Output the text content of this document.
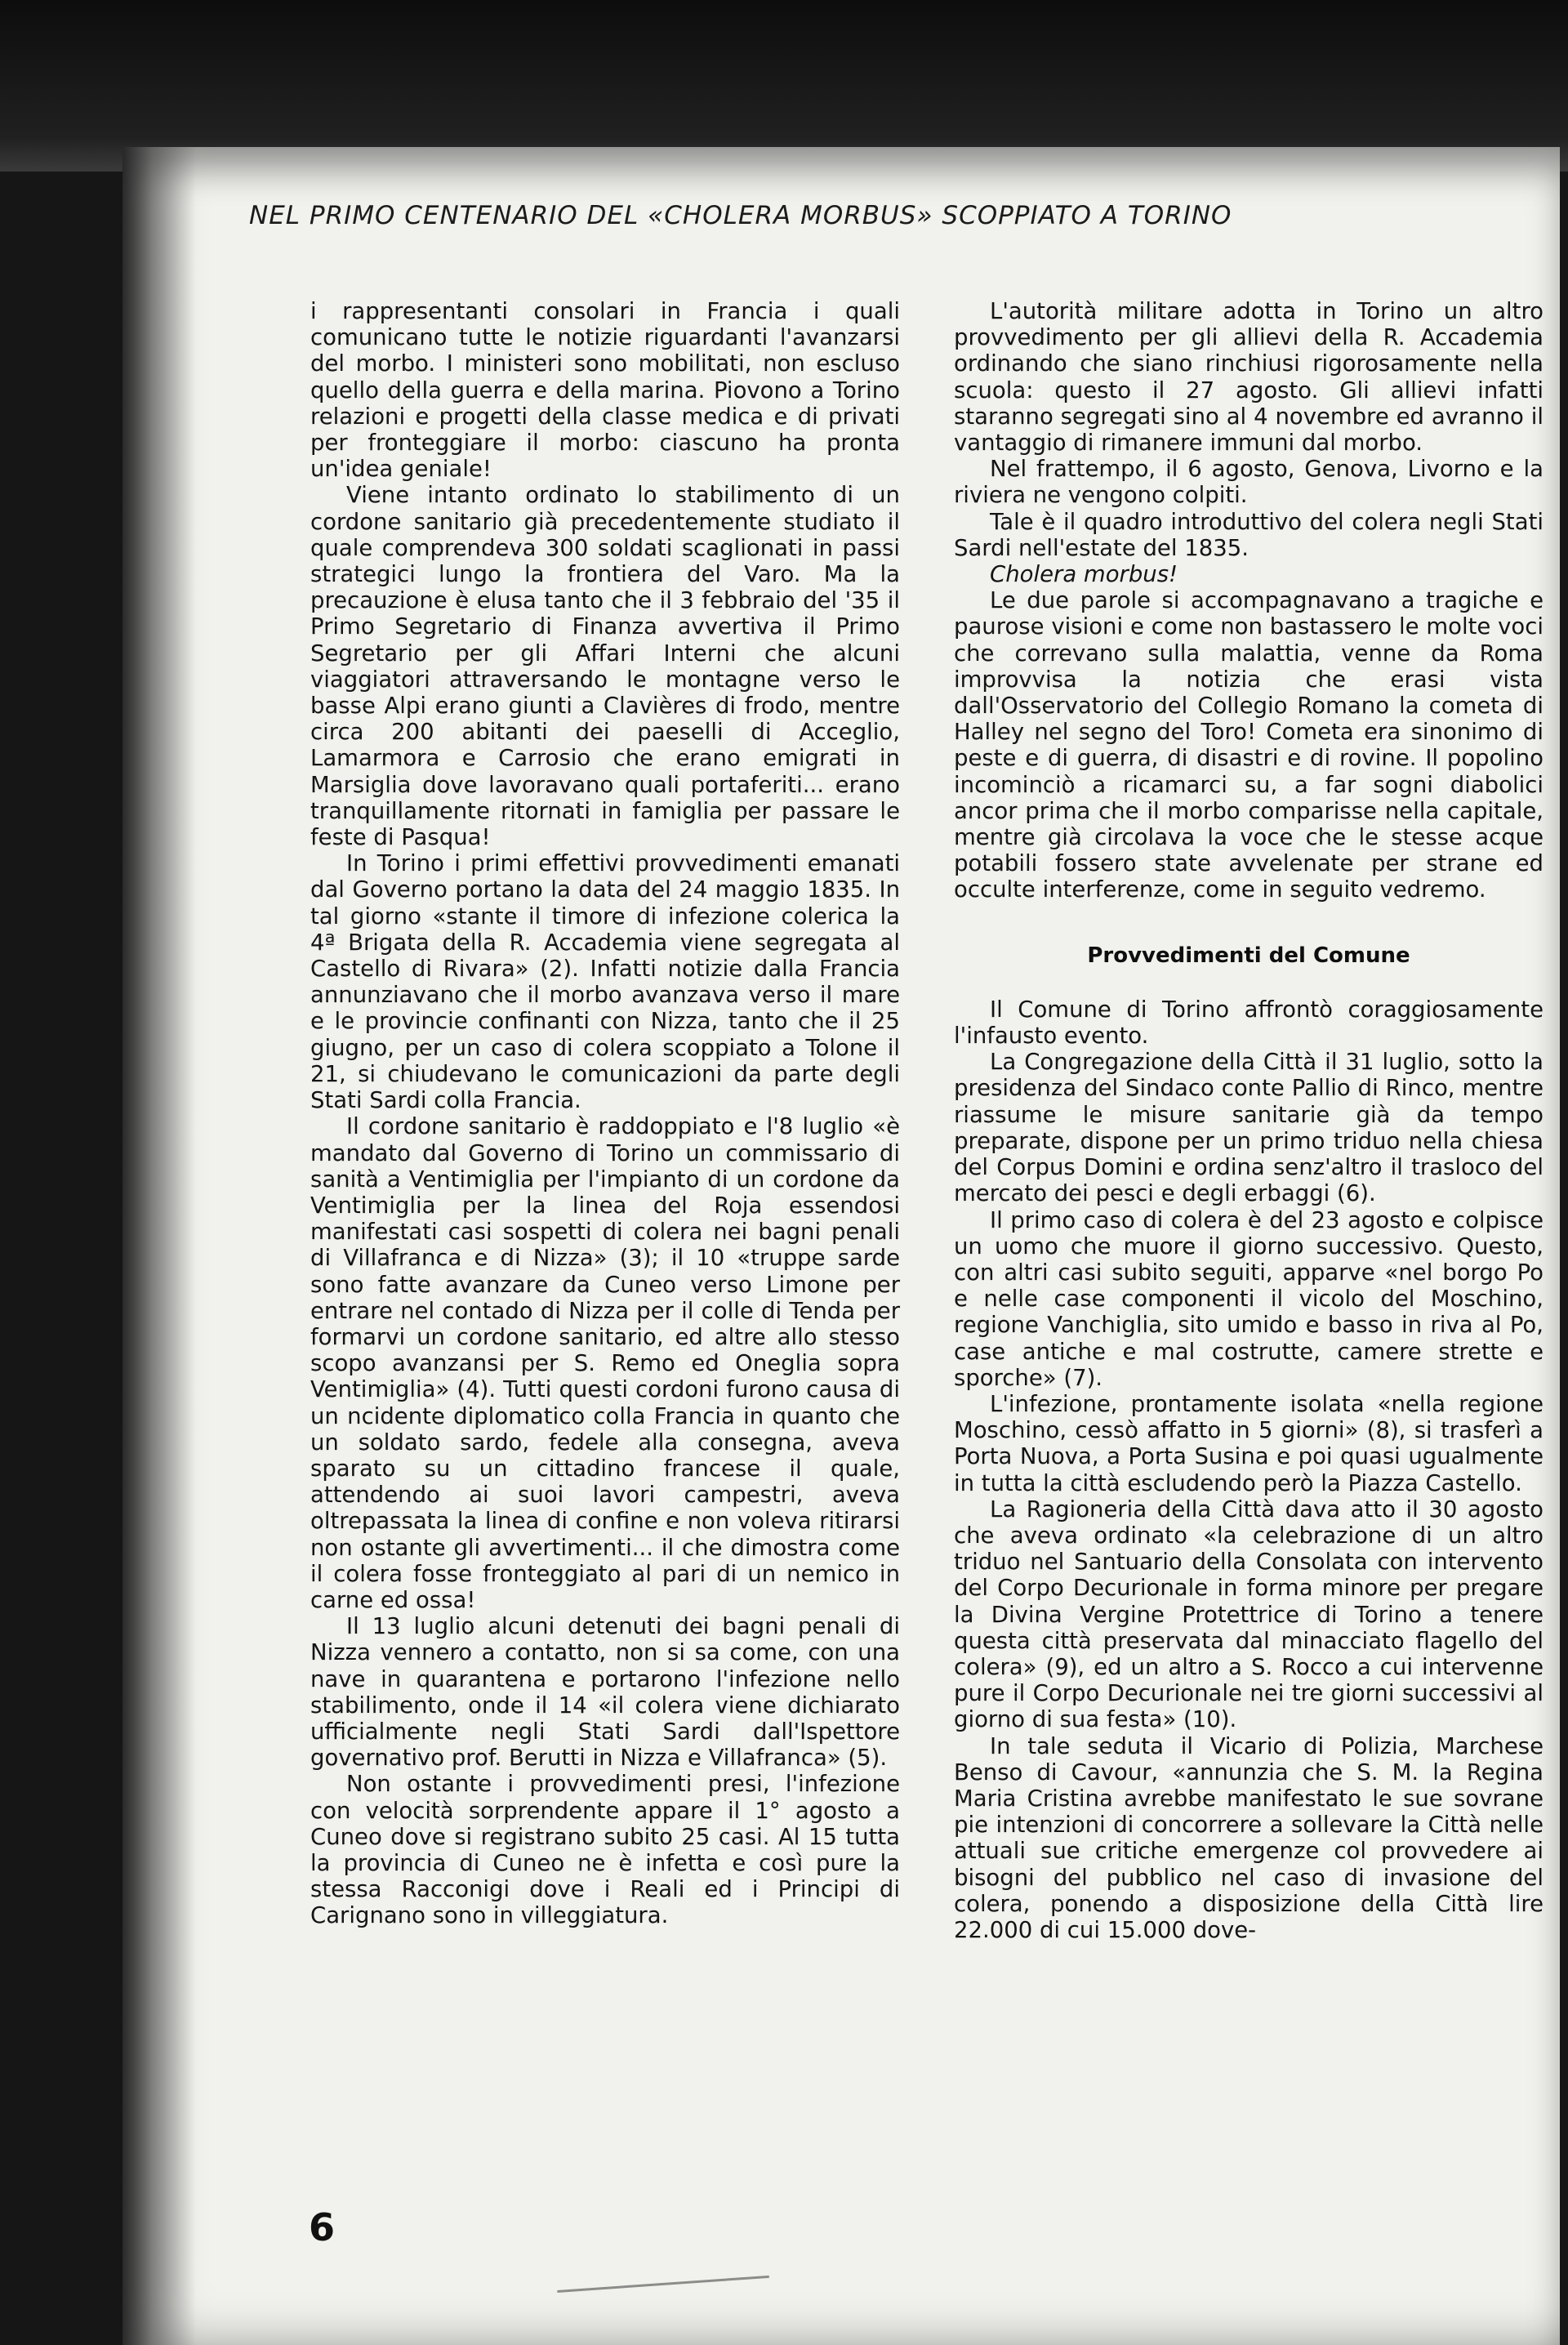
NEL PRIMO CENTENARIO DEL «CHOLERA MORBUS» SCOPPIATO A TORINO

i rappresentanti consolari in Francia i quali comunicano tutte le notizie riguardanti l'avanzarsi del morbo. I ministeri sono mobilitati, non escluso quello della guerra e della marina. Piovono a Torino relazioni e progetti della classe medica e di privati per fronteggiare il morbo: ciascuno ha pronta un'idea geniale!

Viene intanto ordinato lo stabilimento di un cordone sanitario già precedentemente studiato il quale comprendeva 300 soldati scaglionati in passi strategici lungo la frontiera del Varo. Ma la precauzione è elusa tanto che il 3 febbraio del '35 il Primo Segretario di Finanza avvertiva il Primo Segretario per gli Affari Interni che alcuni viaggiatori attraversando le montagne verso le basse Alpi erano giunti a Clavières di frodo, mentre circa 200 abitanti dei paeselli di Acceglio, Lamarmora e Carrosio che erano emigrati in Marsiglia dove lavoravano quali portaferiti... erano tranquillamente ritornati in famiglia per passare le feste di Pasqua!

In Torino i primi effettivi provvedimenti emanati dal Governo portano la data del 24 maggio 1835. In tal giorno «stante il timore di infezione colerica la 4ª Brigata della R. Accademia viene segregata al Castello di Rivara» (2). Infatti notizie dalla Francia annunziavano che il morbo avanzava verso il mare e le provincie confinanti con Nizza, tanto che il 25 giugno, per un caso di colera scoppiato a Tolone il 21, si chiudevano le comunicazioni da parte degli Stati Sardi colla Francia.

Il cordone sanitario è raddoppiato e l'8 luglio «è mandato dal Governo di Torino un commissario di sanità a Ventimiglia per l'impianto di un cordone da Ventimiglia per la linea del Roja essendosi manifestati casi sospetti di colera nei bagni penali di Villafranca e di Nizza» (3); il 10 «truppe sarde sono fatte avanzare da Cuneo verso Limone per entrare nel contado di Nizza per il colle di Tenda per formarvi un cordone sanitario, ed altre allo stesso scopo avanzansi per S. Remo ed Oneglia sopra Ventimiglia» (4). Tutti questi cordoni furono causa di un ncidente diplomatico colla Francia in quanto che un soldato sardo, fedele alla consegna, aveva sparato su un cittadino francese il quale, attendendo ai suoi lavori campestri, aveva oltrepassata la linea di confine e non voleva ritirarsi non ostante gli avvertimenti... il che dimostra come il colera fosse fronteggiato al pari di un nemico in carne ed ossa!

Il 13 luglio alcuni detenuti dei bagni penali di Nizza vennero a contatto, non si sa come, con una nave in quarantena e portarono l'infezione nello stabilimento, onde il 14 «il colera viene dichiarato ufficialmente negli Stati Sardi dall'Ispettore governativo prof. Berutti in Nizza e Villafranca» (5).

Non ostante i provvedimenti presi, l'infezione con velocità sorprendente appare il 1° agosto a Cuneo dove si registrano subito 25 casi. Al 15 tutta la provincia di Cuneo ne è infetta e così pure la stessa Racconigi dove i Reali ed i Principi di Carignano sono in villeggiatura.

L'autorità militare adotta in Torino un altro provvedimento per gli allievi della R. Accademia ordinando che siano rinchiusi rigorosamente nella scuola: questo il 27 agosto. Gli allievi infatti staranno segregati sino al 4 novembre ed avranno il vantaggio di rimanere immuni dal morbo.

Nel frattempo, il 6 agosto, Genova, Livorno e la riviera ne vengono colpiti.

Tale è il quadro introduttivo del colera negli Stati Sardi nell'estate del 1835.

Cholera morbus!

Le due parole si accompagnavano a tragiche e paurose visioni e come non bastassero le molte voci che correvano sulla malattia, venne da Roma improvvisa la notizia che erasi vista dall'Osservatorio del Collegio Romano la cometa di Halley nel segno del Toro! Cometa era sinonimo di peste e di guerra, di disastri e di rovine. Il popolino incominciò a ricamarci su, a far sogni diabolici ancor prima che il morbo comparisse nella capitale, mentre già circolava la voce che le stesse acque potabili fossero state avvelenate per strane ed occulte interferenze, come in seguito vedremo.

Provvedimenti del Comune

Il Comune di Torino affrontò coraggiosamente l'infausto evento.

La Congregazione della Città il 31 luglio, sotto la presidenza del Sindaco conte Pallio di Rinco, mentre riassume le misure sanitarie già da tempo preparate, dispone per un primo triduo nella chiesa del Corpus Domini e ordina senz'altro il trasloco del mercato dei pesci e degli erbaggi (6).

Il primo caso di colera è del 23 agosto e colpisce un uomo che muore il giorno successivo. Questo, con altri casi subito seguiti, apparve «nel borgo Po e nelle case componenti il vicolo del Moschino, regione Vanchiglia, sito umido e basso in riva al Po, case antiche e mal costrutte, camere strette e sporche» (7).

L'infezione, prontamente isolata «nella regione Moschino, cessò affatto in 5 giorni» (8), si trasferì a Porta Nuova, a Porta Susina e poi quasi ugualmente in tutta la città escludendo però la Piazza Castello.

La Ragioneria della Città dava atto il 30 agosto che aveva ordinato «la celebrazione di un altro triduo nel Santuario della Consolata con intervento del Corpo Decurionale in forma minore per pregare la Divina Vergine Protettrice di Torino a tenere questa città preservata dal minacciato flagello del colera» (9), ed un altro a S. Rocco a cui intervenne pure il Corpo Decurionale nei tre giorni successivi al giorno di sua festa» (10).

In tale seduta il Vicario di Polizia, Marchese Benso di Cavour, «annunzia che S. M. la Regina Maria Cristina avrebbe manifestato le sue sovrane pie intenzioni di concorrere a sollevare la Città nelle attuali sue critiche emergenze col provvedere ai bisogni del pubblico nel caso di invasione del colera, ponendo a disposizione della Città lire 22.000 di cui 15.000 dove-

6
